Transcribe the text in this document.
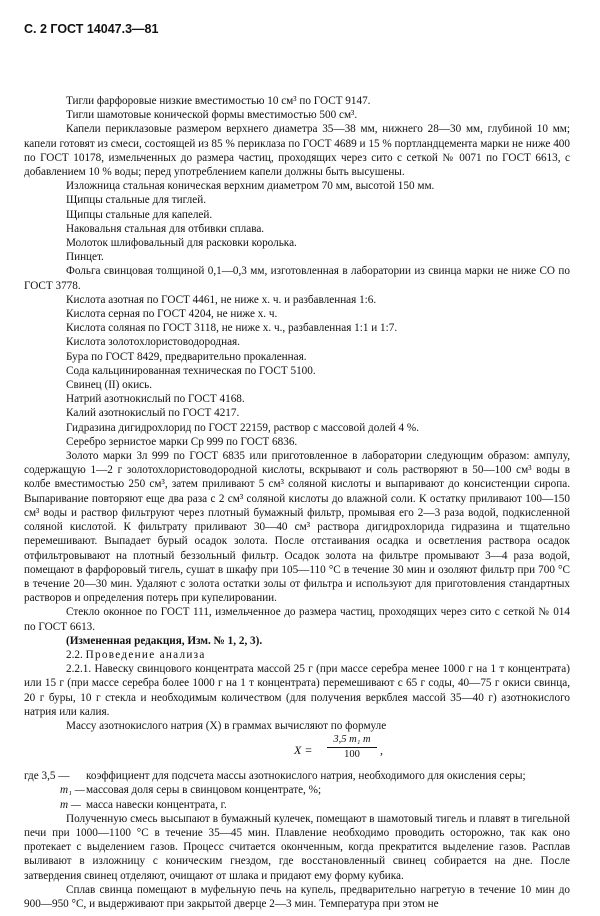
С. 2 ГОСТ 14047.3—81

Тигли фарфоровые низкие вместимостью 10 см³ по ГОСТ 9147.

Тигли шамотовые конической формы вместимостью 500 см³.

Капели периклазовые размером верхнего диаметра 35—38 мм, нижнего 28—30 мм, глубиной 10 мм; капели готовят из смеси, состоящей из 85 % периклаза по ГОСТ 4689 и 15 % портландцемента марки не ниже 400 по ГОСТ 10178, измельченных до размера частиц, проходящих через сито с сеткой № 0071 по ГОСТ 6613, с добавлением 10 % воды; перед употреблением капели должны быть высушены.

Изложница стальная коническая верхним диаметром 70 мм, высотой 150 мм.

Щипцы стальные для тиглей.

Щипцы стальные для капелей.

Наковальня стальная для отбивки сплава.

Молоток шлифовальный для расковки королька.

Пинцет.

Фольга свинцовая толщиной 0,1—0,3 мм, изготовленная в лаборатории из свинца марки не ниже СО по ГОСТ 3778.

Кислота азотная по ГОСТ 4461, не ниже х. ч. и разбавленная 1:6.

Кислота серная по ГОСТ 4204, не ниже х. ч.

Кислота соляная по ГОСТ 3118, не ниже х. ч., разбавленная 1:1 и 1:7.

Кислота золотохлористоводородная.

Бура по ГОСТ 8429, предварительно прокаленная.

Сода кальцинированная техническая по ГОСТ 5100.

Свинец (II) окись.

Натрий азотнокислый по ГОСТ 4168.

Калий азотнокислый по ГОСТ 4217.

Гидразина дигидрохлорид по ГОСТ 22159, раствор с массовой долей 4 %.

Серебро зернистое марки Ср 999 по ГОСТ 6836.

Золото марки Зл 999 по ГОСТ 6835 или приготовленное в лаборатории следующим образом: ампулу, содержащую 1—2 г золотохлористоводородной кислоты, вскрывают и соль растворяют в 50—100 см³ воды в колбе вместимостью 250 см³, затем приливают 5 см³ соляной кислоты и выпаривают до консистенции сиропа. Выпаривание повторяют еще два раза с 2 см³ соляной кислоты до влажной соли. К остатку приливают 100—150 см³ воды и раствор фильтруют через плотный бумажный фильтр, промывая его 2—3 раза водой, подкисленной соляной кислотой. К фильтрату приливают 30—40 см³ раствора дигидрохлорида гидразина и тщательно перемешивают. Выпадает бурый осадок золота. После отстаивания осадка и осветления раствора осадок отфильтровывают на плотный беззольный фильтр. Осадок золота на фильтре промывают 3—4 раза водой, помещают в фарфоровый тигель, сушат в шкафу при 105—110 °С в течение 30 мин и озоляют фильтр при 700 °С в течение 20—30 мин. Удаляют с золота остатки золы от фильтра и используют для приготовления стандартных растворов и определения потерь при купелировании.

Стекло оконное по ГОСТ 111, измельченное до размера частиц, проходящих через сито с сеткой № 014 по ГОСТ 6613.

(Измененная редакция, Изм. № 1, 2, 3).

2.2. Проведение анализа

2.2.1. Навеску свинцового концентрата массой 25 г (при массе серебра менее 1000 г на 1 т концентрата) или 15 г (при массе серебра более 1000 г на 1 т концентрата) перемешивают с 65 г соды, 40—75 г окиси свинца, 20 г буры, 10 г стекла и необходимым количеством (для получения веркблея массой 35—40 г) азотнокислого натрия или калия.

Массу азотнокислого натрия (X) в граммах вычисляют по формуле

$X = \frac{\text{3,5 m₁ m}}{100}$ ,
где 3,5 —	коэффициент для подсчета массы азотнокислого натрия, необходимого для окисления серы;
m₁ — массовая доля серы в свинцовом концентрате, %;
m — масса навески концентрата, г.

Полученную смесь высыпают в бумажный кулечек, помещают в шамотовый тигель и плавят в тигельной печи при 1000—1100 °С в течение 35—45 мин. Плавление необходимо проводить осторожно, так как оно протекает с выделением газов. Процесс считается оконченным, когда прекратится выделение газов. Расплав выливают в изложницу с коническим гнездом, где восстановленный свинец собирается на дне. После затвердения свинец отделяют, очищают от шлака и придают ему форму кубика.

Сплав свинца помещают в муфельную печь на купель, предварительно нагретую в течение 10 мин до 900—950 °С, и выдерживают при закрытой дверце 2—3 мин. Температура при этом не
